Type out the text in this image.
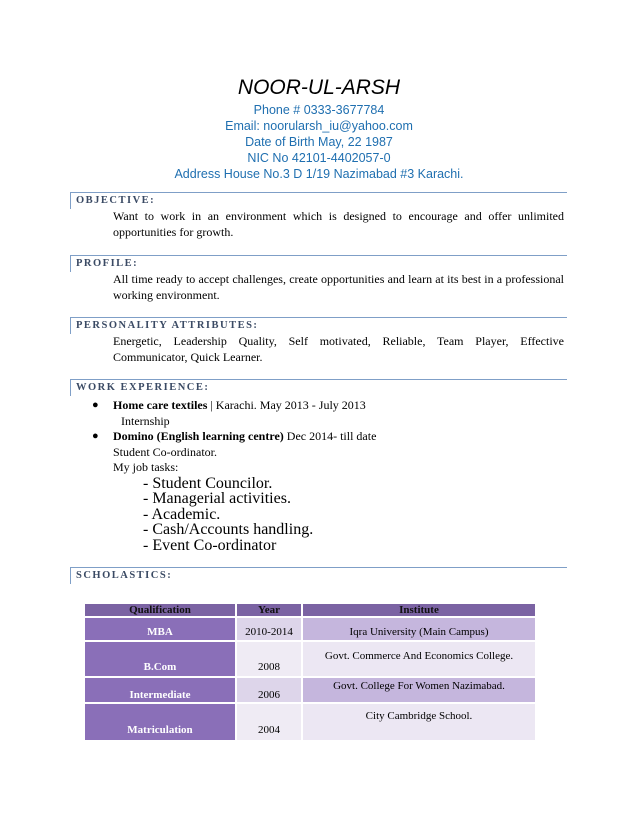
NOOR-UL-ARSH
Phone # 0333-3677784
Email: noorularsh_iu@yahoo.com
Date of Birth May, 22 1987
NIC No 42101-4402057-0
Address House No.3 D 1/19 Nazimabad #3 Karachi.
OBJECTIVE:
Want to work in an environment which is designed to encourage and offer unlimited opportunities for growth.
PROFILE:
All time ready to accept challenges, create opportunities and learn at its best in a professional working environment.
PERSONALITY ATTRIBUTES:
Energetic, Leadership Quality, Self motivated, Reliable, Team Player, Effective Communicator, Quick Learner.
WORK EXPERIENCE:
● Home care textiles | Karachi. May 2013 - July 2013
Internship
● Domino (English learning centre) Dec 2014- till date
Student Co-ordinator.
My job tasks:
- Student Councilor.
- Managerial activities.
- Academic.
- Cash/Accounts handling.
- Event Co-ordinator
SCHOLASTICS:
Qualification	Year	Institute
MBA	2010-2014	Iqra University (Main Campus)
B.Com	2008	Govt. Commerce And Economics College.
Intermediate	2006	Govt. College For Women Nazimabad.
Matriculation	2004	City Cambridge School.
